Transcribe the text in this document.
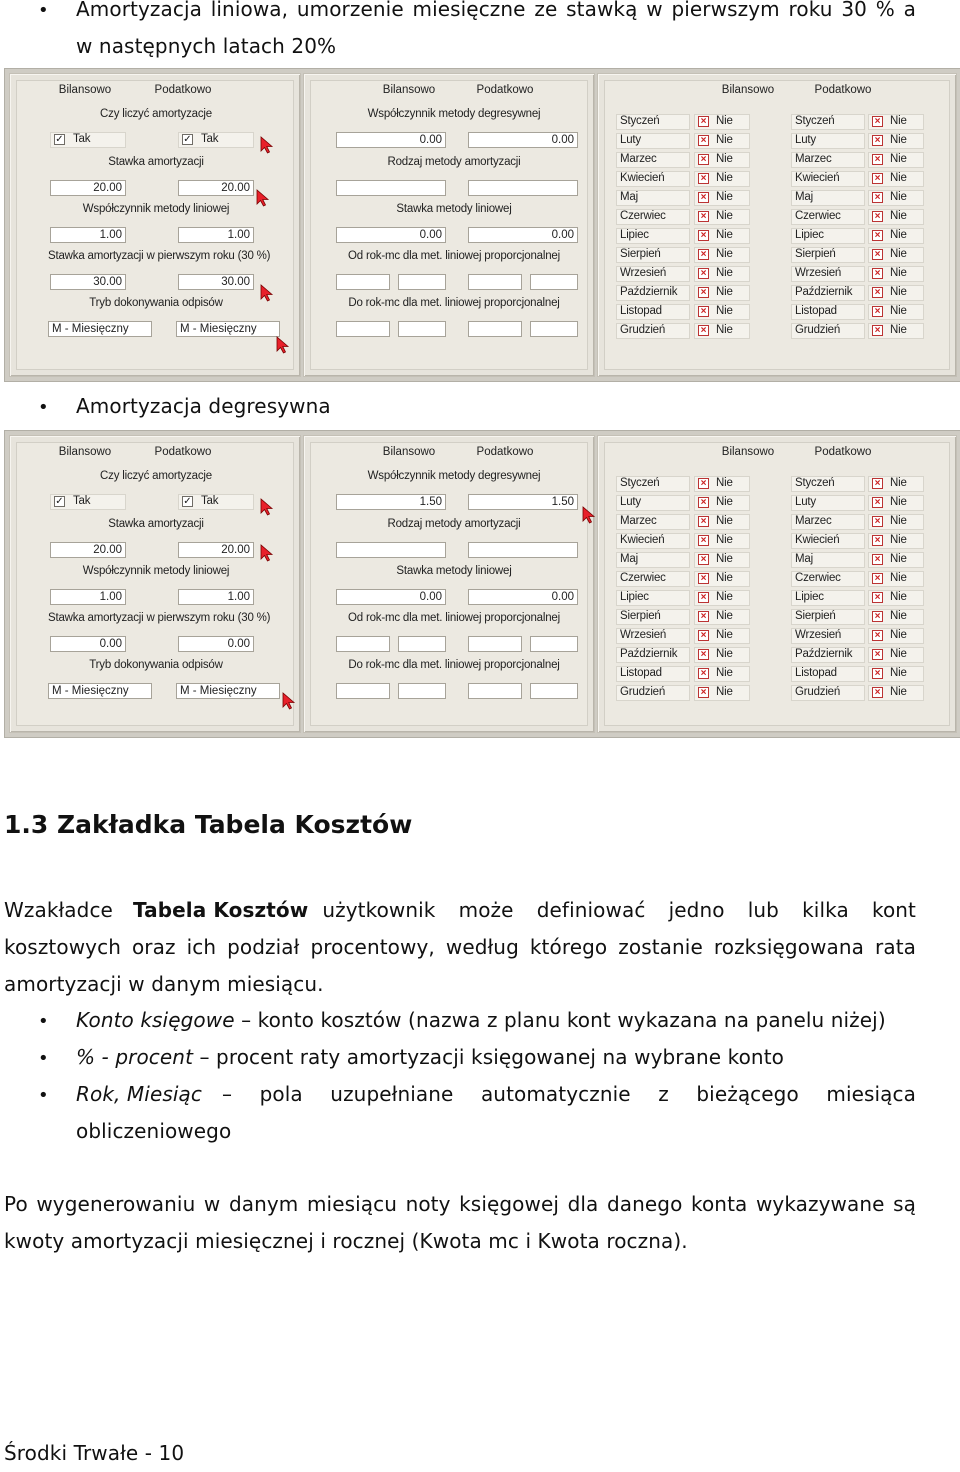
• Amortyzacja liniowa, umorzenie miesięczne ze stawką w pierwszym roku 30 % a
w następnych latach 20%
Bilansowo	Podatkowo
Czy liczyć amortyzacje
✓ Tak	✓ Tak
Stawka amortyzacji
20.00	20.00
Współczynnik metody liniowej
1.00	1.00
Stawka amortyzacji w pierwszym roku (30 %)
30.00	30.00
Tryb dokonywania odpisów
M - Miesięczny	M - Miesięczny
Bilansowo	Podatkowo
Współczynnik metody degresywnej
0.00	0.00
Rodzaj metody amortyzacji
Stawka metody liniowej
0.00	0.00
Od rok-mc dla met. liniowej proporcjonalnej
Do rok-mc dla met. liniowej proporcjonalnej
Bilansowo	Podatkowo
Styczeń	× Nie
Luty	× Nie
Marzec	× Nie
Kwiecień	× Nie
Maj	× Nie
Czerwiec	× Nie
Lipiec	× Nie
Sierpień	× Nie
Wrzesień	× Nie
Październik × Nie
Listopad	× Nie
Grudzień	× Nie
Styczeń	× Nie
Luty	× Nie
Marzec	× Nie
Kwiecień	× Nie
Maj	× Nie
Czerwiec	× Nie
Lipiec	× Nie
Sierpień	× Nie
Wrzesień	× Nie
Październik × Nie
Listopad	× Nie
Grudzień	× Nie
• Amortyzacja degresywna
Bilansowo	Podatkowo
Czy liczyć amortyzacje
✓ Tak	✓ Tak
Stawka amortyzacji
20.00	20.00
Współczynnik metody liniowej
1.00	1.00
Stawka amortyzacji w pierwszym roku (30 %)
0.00	0.00
Tryb dokonywania odpisów
M - Miesięczny	M - Miesięczny
Bilansowo	Podatkowo
Współczynnik metody degresywnej
1.50	1.50
Rodzaj metody amortyzacji
Stawka metody liniowej
0.00	0.00
Od rok-mc dla met. liniowej proporcjonalnej
Do rok-mc dla met. liniowej proporcjonalnej
Bilansowo	Podatkowo
Styczeń	× Nie
Luty	× Nie
Marzec	× Nie
Kwiecień	× Nie
Maj	× Nie
Czerwiec	× Nie
Lipiec	× Nie
Sierpień	× Nie
Wrzesień	× Nie
Październik × Nie
Listopad	× Nie
Grudzień	× Nie
Styczeń	× Nie
Luty	× Nie
Marzec	× Nie
Kwiecień	× Nie
Maj	× Nie
Czerwiec	× Nie
Lipiec	× Nie
Sierpień	× Nie
Wrzesień	× Nie
Październik × Nie
Listopad	× Nie
Grudzień	× Nie
1.3 Zakładka Tabela Kosztów
W zakładce Tabela Kosztów użytkownik może definiować jedno lub kilka kont
kosztowych oraz ich podział procentowy, według którego zostanie rozksięgowana rata
amortyzacji w danym miesiącu.
• Konto księgowe – konto kosztów (nazwa z planu kont wykazana na panelu niżej)
• % - procent – procent raty amortyzacji księgowanej na wybrane konto
• Rok, Miesiąc – pola uzupełniane automatycznie z bieżącego miesiąca
obliczeniowego
Po wygenerowaniu w danym miesiącu noty księgowej dla danego konta wykazywane są
kwoty amortyzacji miesięcznej i rocznej (Kwota mc i Kwota roczna).
Środki Trwałe - 10
